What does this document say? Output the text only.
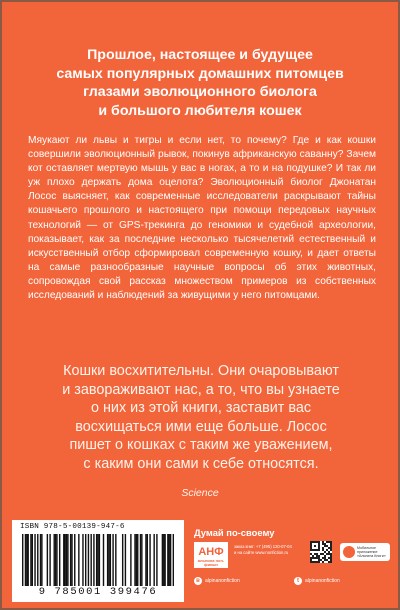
Прошлое, настоящее и будущее
самых популярных домашних питомцев
глазами эволюционного биолога
и большого любителя кошек
Мяукают ли львы и тигры и если нет, то почему? Где и как кошки совершили эволюционный рывок, покинув африканскую саванну? Зачем кот оставляет мертвую мышь у вас в ногах, а то и на подушке? И так ли уж плохо держать дома оцелота? Эволюционный биолог Джонатан Лосос выясняет, как современные исследователи раскрывают тайны кошачьего прошлого и настоящего при помощи передовых научных технологий — от GPS-трекинга до геномики и судебной археологии, показывает, как за последние несколько тысячелетий естественный и искусственный отбор сформировал современную кошку, и дает ответы на самые разнообразные научные вопросы об этих животных, сопровождая свой рассказ множеством примеров из собственных исследований и наблюдений за живущими у него питомцами.
Кошки восхитительны. Они очаровывают
и завораживают нас, а то, что вы узнаете
о них из этой книги, заставит вас
восхищаться ими еще больше. Лосос
пишет о кошках с таким же уважением,
с каким они сами к себе относятся.
Science
ISBN 978-5-00139-947-6
9 785001 399476
Думай по-своему
АНФ
альпина нон-фикшн
заказ книг: +7 (495) 120-07-04
и на сайте www.nonfiction.ru
Мобильное приложение «Альпина Книги»
в	alpinanonfiction	t	alpinanonfiction
